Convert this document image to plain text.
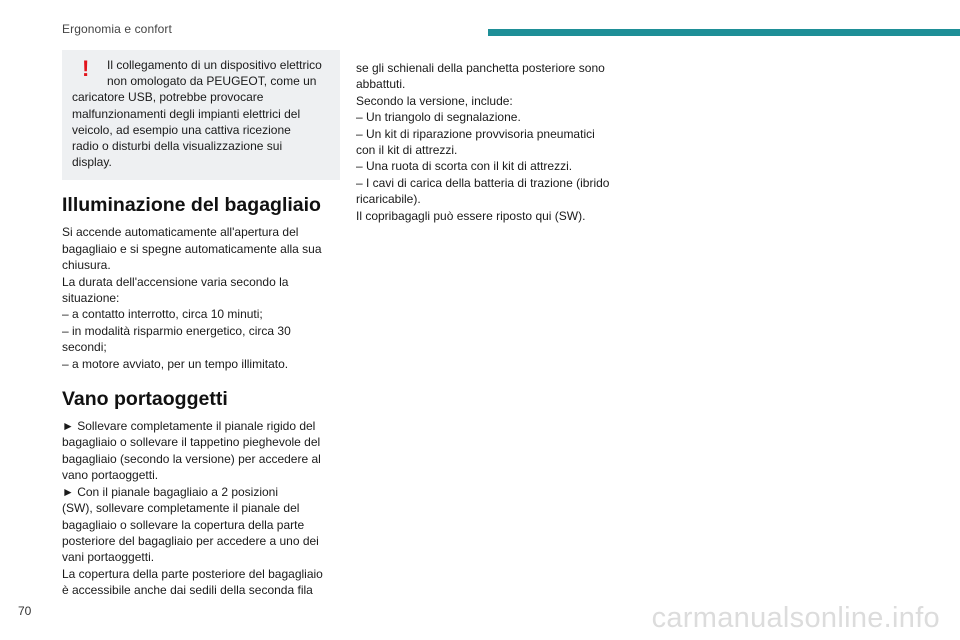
Ergonomia e confort
! Il collegamento di un dispositivo elettrico
non omologato da PEUGEOT, come un
caricatore USB, potrebbe provocare
malfunzionamenti degli impianti elettrici del
veicolo, ad esempio una cattiva ricezione
radio o disturbi della visualizzazione sui
display.
Illuminazione del bagagliaio
Si accende automaticamente all'apertura del
bagagliaio e si spegne automaticamente alla sua
chiusura.
La durata dell'accensione varia secondo la
situazione:
– a contatto interrotto, circa 10 minuti;
– in modalità risparmio energetico, circa 30
secondi;
– a motore avviato, per un tempo illimitato.
Vano portaoggetti
► Sollevare completamente il pianale rigido del
bagagliaio o sollevare il tappetino pieghevole del
bagagliaio (secondo la versione) per accedere al
vano portaoggetti.
► Con il pianale bagagliaio a 2 posizioni
(SW), sollevare completamente il pianale del
bagagliaio o sollevare la copertura della parte
posteriore del bagagliaio per accedere a uno dei
vani portaoggetti.
La copertura della parte posteriore del bagagliaio
è accessibile anche dai sedili della seconda fila
se gli schienali della panchetta posteriore sono
abbattuti.
Secondo la versione, include:
– Un triangolo di segnalazione.
– Un kit di riparazione provvisoria pneumatici
con il kit di attrezzi.
– Una ruota di scorta con il kit di attrezzi.
– I cavi di carica della batteria di trazione (ibrido
ricaricabile).
Il copribagagli può essere riposto qui (SW).
70	carmanualsonline.info
